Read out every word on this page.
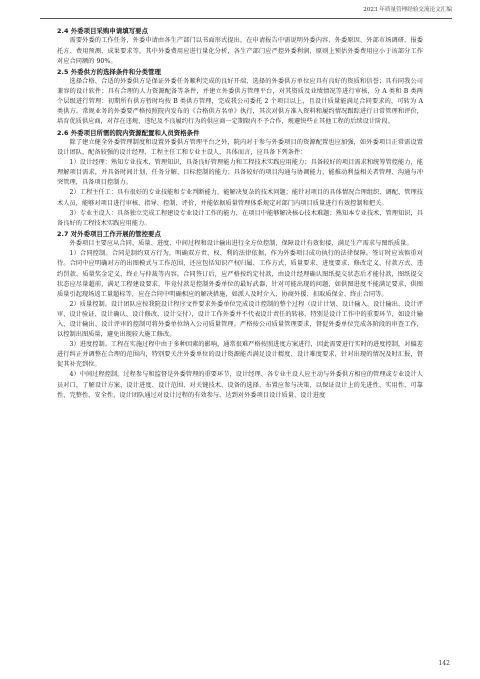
2023 年质量管理经验交流论文汇编
2.4 外委项目采购申请填写要点

需要外委的工作任务，外委申请由各生产部门以书面形式提出，在申请报告中需说明外委内容、外委原因、外部市场调研、报委托方、费用预测、成果要求等。其中外委费用应进行量化分析，各生产部门应严控外委利润，原则上预估外委费用应小于该部分工作对应合同额的 90%。

2.5 外委供方的选择条件和分类管理

选择合格、合适的外委供方是保证外委任务顺利完成的良好开端，选择的外委供方单位应具有良好的资质和信誉；具有同我公司兼容的设计软件；具有合理的人力资源配备等条件，并建立外委供方管理平台，对其资质及业绩情况等进行审核，分 A 类和 B 类两个层级进行管理：初期所有供方暂时均按 B 类供方管理，完成我公司委托 2 个项目以上，且设计质量能满足合同要求的，可转为 A 类供方。常规业务的外委要严格按照院内发布的《合格供方名单》执行，其次对供方准入资料和履约情况跟踪进行日常管理和评价，培育优质供应商，对存在违规、违纪及不良履约行为的供应商一定期限内不予合作，规避快些止其他工程的后续设计阶段。

2.6 外委项目所需的院内资源配置和人员资格条件

除了建立健全外委管理制度和设置外委供方管理平台之外，院内对于参与外委项目的资源配置也应加强，如外委项目正常需设置设计团队，配备较强的设计经理、工程主任工和专业主设人，具体而言，应具备下列条件：

1）设计经理：熟知专业技术、管理知识，具备良好管理能力和工程技术实践应用能力；具备较好的项目需求和统筹管控能力，能理解项目需求，并具备时间计划、任务分解、目标控制的能力；具备较好的项目沟通与协调能力，能推动利益相关者管理、沟通与冲突管理，具备项目控制力。

2）工程主任工：具有很好的专业技能和专业判断能力，能解决复杂的技术问题；能针对项目的具体情况合理组织、调配、管理技术人员，能够对项目进行审核、指导、控制、评价，并能依据质量管理体系规定对部门内项目质量进行有效控制和把关。

3）专业主设人：具备独立完成工程建设专业设计工作的能力，在项目中能够解决核心技术难题；熟知本专业技术、管理知识，具备良好的工程技术实践应用能力。

2.7 对外委项目工作开展的管控要点

外委项目主要应从合同、质量、进度、中间过程和设计输出进行全方位控制，保障设计有效衔接，满足生产需求与图纸质量。

1）合同控制。合同是制约双方行为，明确双方责、权、利的法律依据，作为外委项目成功执行的法律保障。签订时应该慎重对待。合同中应明确对方的出图模式与工作范围，还应包括知识产权归属、工作方式、质量要求、进度要求、修改定义、付款方式、违约罚款、质量奖金定义、终止与仲裁等内容。合同签订后，应严格按约定付款，由设计经理确认图纸提交状态后才能付款，图纸提交状态应尽量超前，满足工程建设要求，毕竟付款是控制外委单位的最好武器，针对可能出现的问题，如供图进度不能满足要求、供图质量引起现场返工量超标等，应在合同中明确相应的解决措施，如派人及时介入、协商外援、扣取质保金、终止合同等。

2）质量控制。设计团队应按我院设计程序文件要求外委单位完成设计控制的整个过程（设计计划、设计输入、设计输出、设计评审、设计验证、设计确认、设计修改、设计交付），设计工作外委并不代表设计责任的转移，特别是设计工作中的重要环节，如设计输入、设计输出、设计评审的控制可将外委单位纳入公司质量管理。严格按公司质量管理要求，督促外委单位完成各阶段的审查工作，以控制出图质量，避免出现较大施工修改。

3）进度控制。工程在实施过程中由于多种因素的影响，通常很难严格按照进度方案进行，因此需要进行实时的进度控制，对偏差进行纠正并调整在合理的范围内，特别要关注外委单位的设计资源能否满足设计精度、设计难度要求，针对出现的情况及时汇报，督促其补充到位。

4）中间过程控制。过程参与和监督是外委管理的重要环节，设计经理、各专业主设人应主动与外委供方相应的管理或专业设计人员对口，了解设计方案、设计进度、设计范围、对关键技术、设备的选择、布置应参与决策，以保证设计上的先进性、实用性、可靠性、完整性、安全性，设计团队通过对设计过程的有效参与，达到对外委项目设计质量、设计进度

142
